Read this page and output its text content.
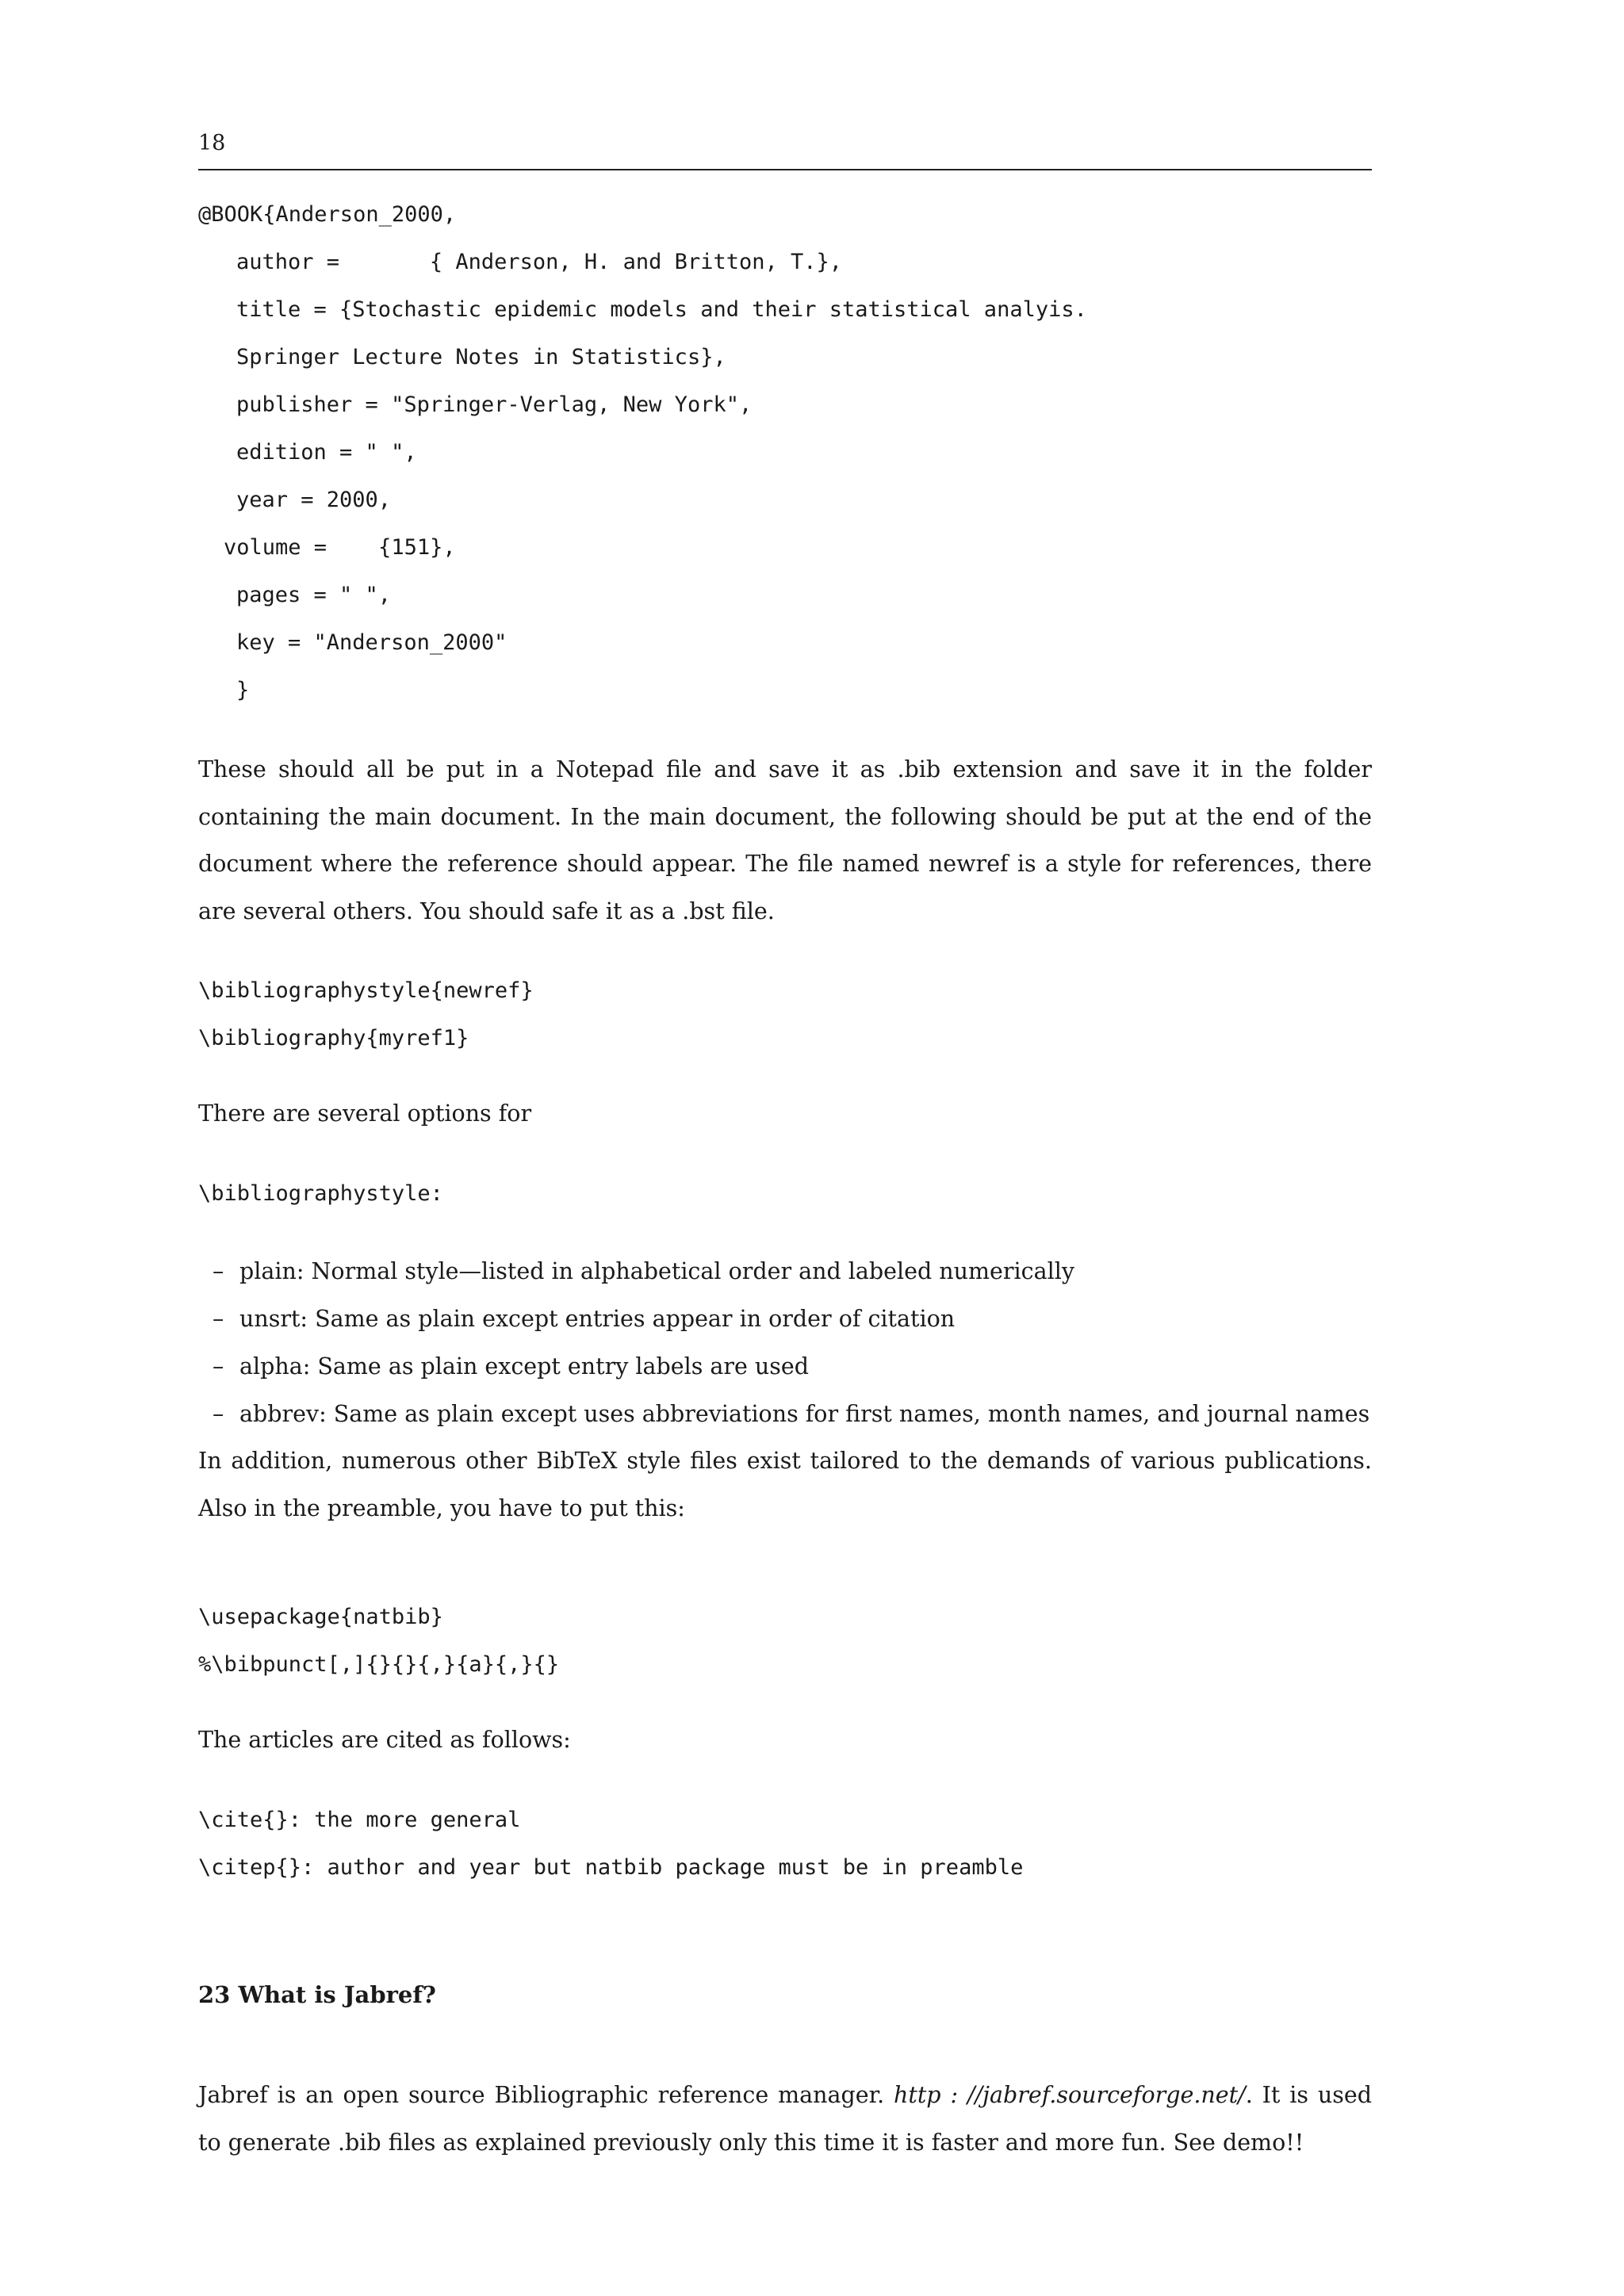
18
@BOOK{Anderson_2000,
author =       { Anderson, H. and Britton, T.},
title = {Stochastic epidemic models and their statistical analyis.
Springer Lecture Notes in Statistics},
publisher = "Springer-Verlag, New York",
edition = " ",
year = 2000,
volume =    {151},
pages = " ",
key = "Anderson_2000"
}

These should all be put in a Notepad file and save it as .bib extension and save it in the folder containing the main document. In the main document, the following should be put at the end of the document where the reference should appear. The file named newref is a style for references, there are several others. You should safe it as a .bst file.

\bibliographystyle{newref}
\bibliography{myref1}

There are several options for

\bibliographystyle:
– plain: Normal style—listed in alphabetical order and labeled numerically
– unsrt: Same as plain except entries appear in order of citation
– alpha: Same as plain except entry labels are used
– abbrev: Same as plain except uses abbreviations for first names, month names, and journal names

In addition, numerous other BibTeX style files exist tailored to the demands of various publications. Also in the preamble, you have to put this:

\usepackage{natbib}
%\bibpunct[,]{}{}{,}{a}{,}{}

The articles are cited as follows:

\cite{}: the more general
\citep{}: author and year but natbib package must be in preamble
23 What is Jabref?

Jabref is an open source Bibliographic reference manager. http : //jabref.sourceforge.net/. It is used to generate .bib files as explained previously only this time it is faster and more fun. See demo!!
